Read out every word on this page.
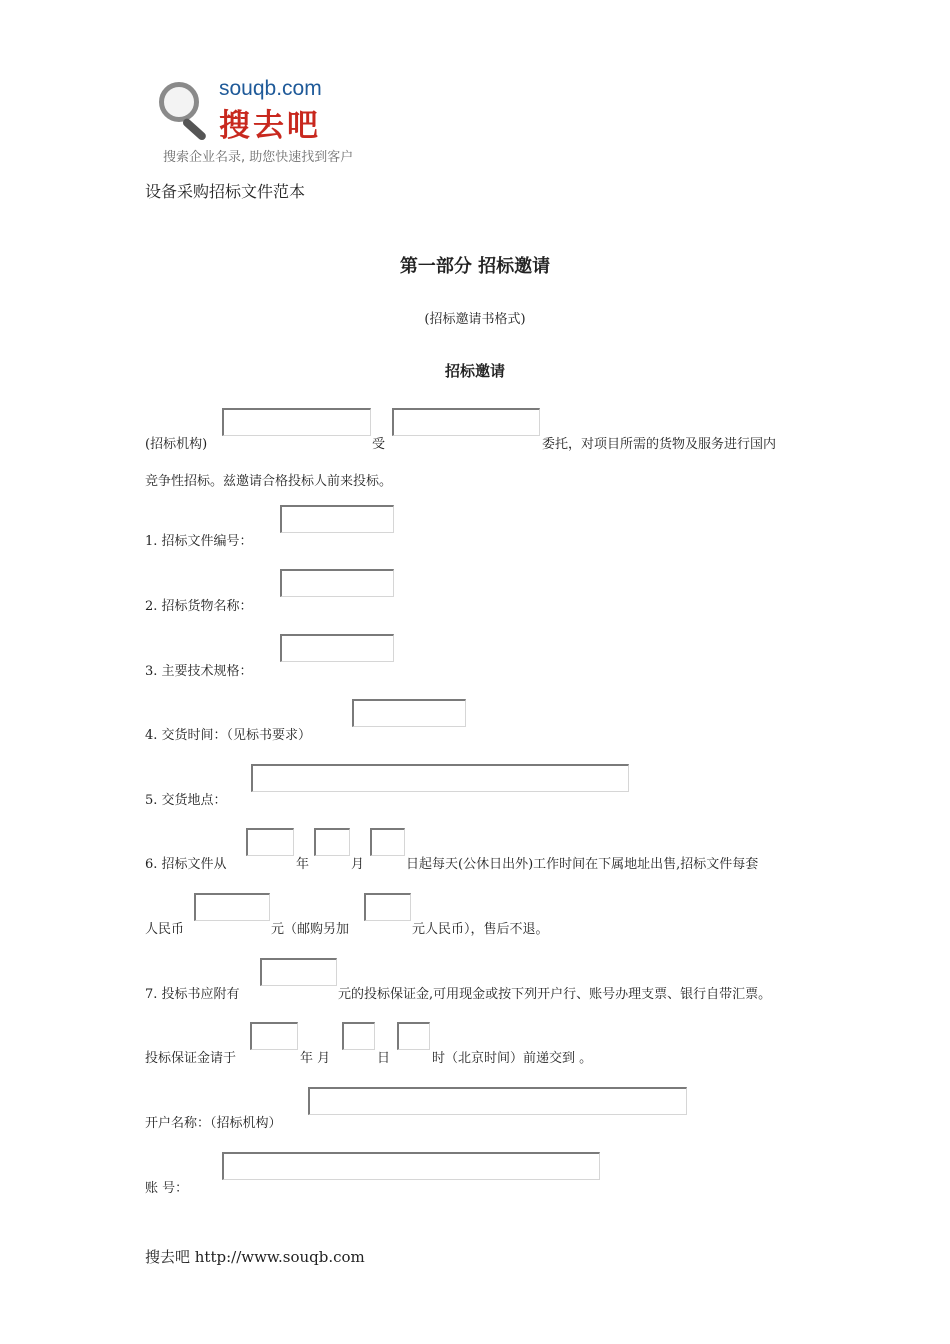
souqb.com
搜去吧
搜索企业名录, 助您快速找到客户
设备采购招标文件范本
第一部分 招标邀请
(招标邀请书格式)
招标邀请
(招标机构)	受	委托，对项目所需的货物及服务进行国内
竞争性招标。兹邀请合格投标人前来投标。
1. 招标文件编号：
2. 招标货物名称：
3. 主要技术规格：
4. 交货时间：（见标书要求）
5. 交货地点：
6. 招标文件从	年	月	日起每天(公休日出外)工作时间在下属地址出售,招标文件每套
人民币	元（邮购另加	元人民币），售后不退。
7. 投标书应附有	元的投标保证金,可用现金或按下列开户行、账号办理支票、银行自带汇票。
投标保证金请于	年 月	日	时（北京时间）前递交到 。
开户名称：（招标机构）
账 号：
搜去吧 http://www.souqb.com
